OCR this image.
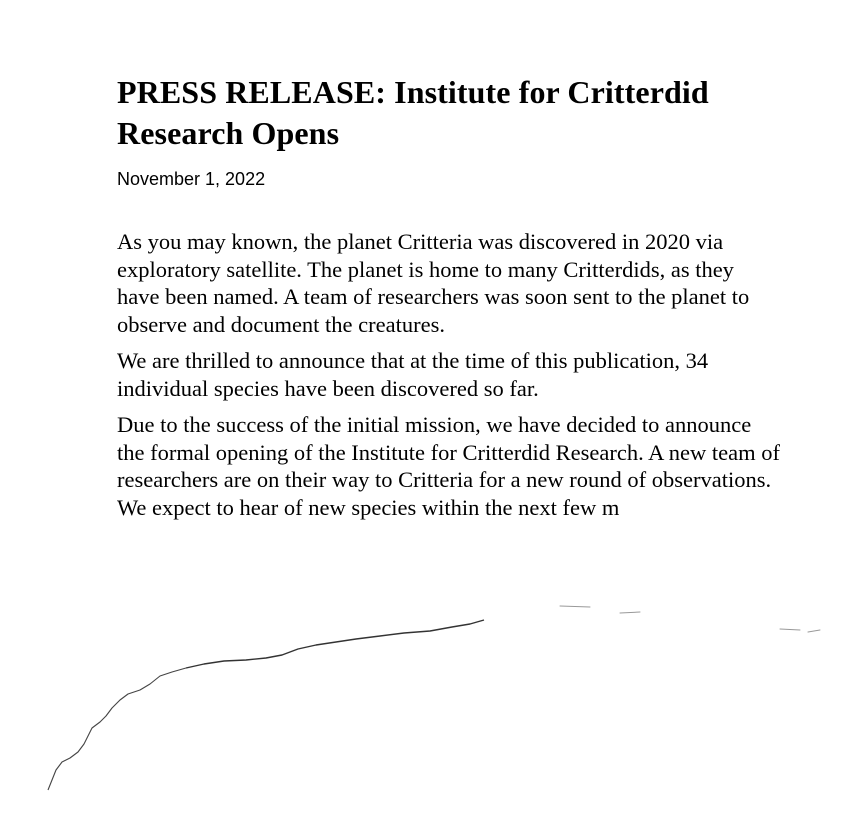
PRESS RELEASE: Institute for Critterdid Research Opens
November 1, 2022

As you may known, the planet Critteria was discovered in 2020 via exploratory satellite. The planet is home to many Critterdids, as they have been named. A team of researchers was soon sent to the planet to observe and document the creatures.

We are thrilled to announce that at the time of this publication, 34 individual species have been discovered so far.

Due to the success of the initial mission, we have decided to announce the formal opening of the Institute for Critterdid Research. A new team of researchers are on their way to Critteria for a new round of observations. We expect to hear of new species within the next few m
